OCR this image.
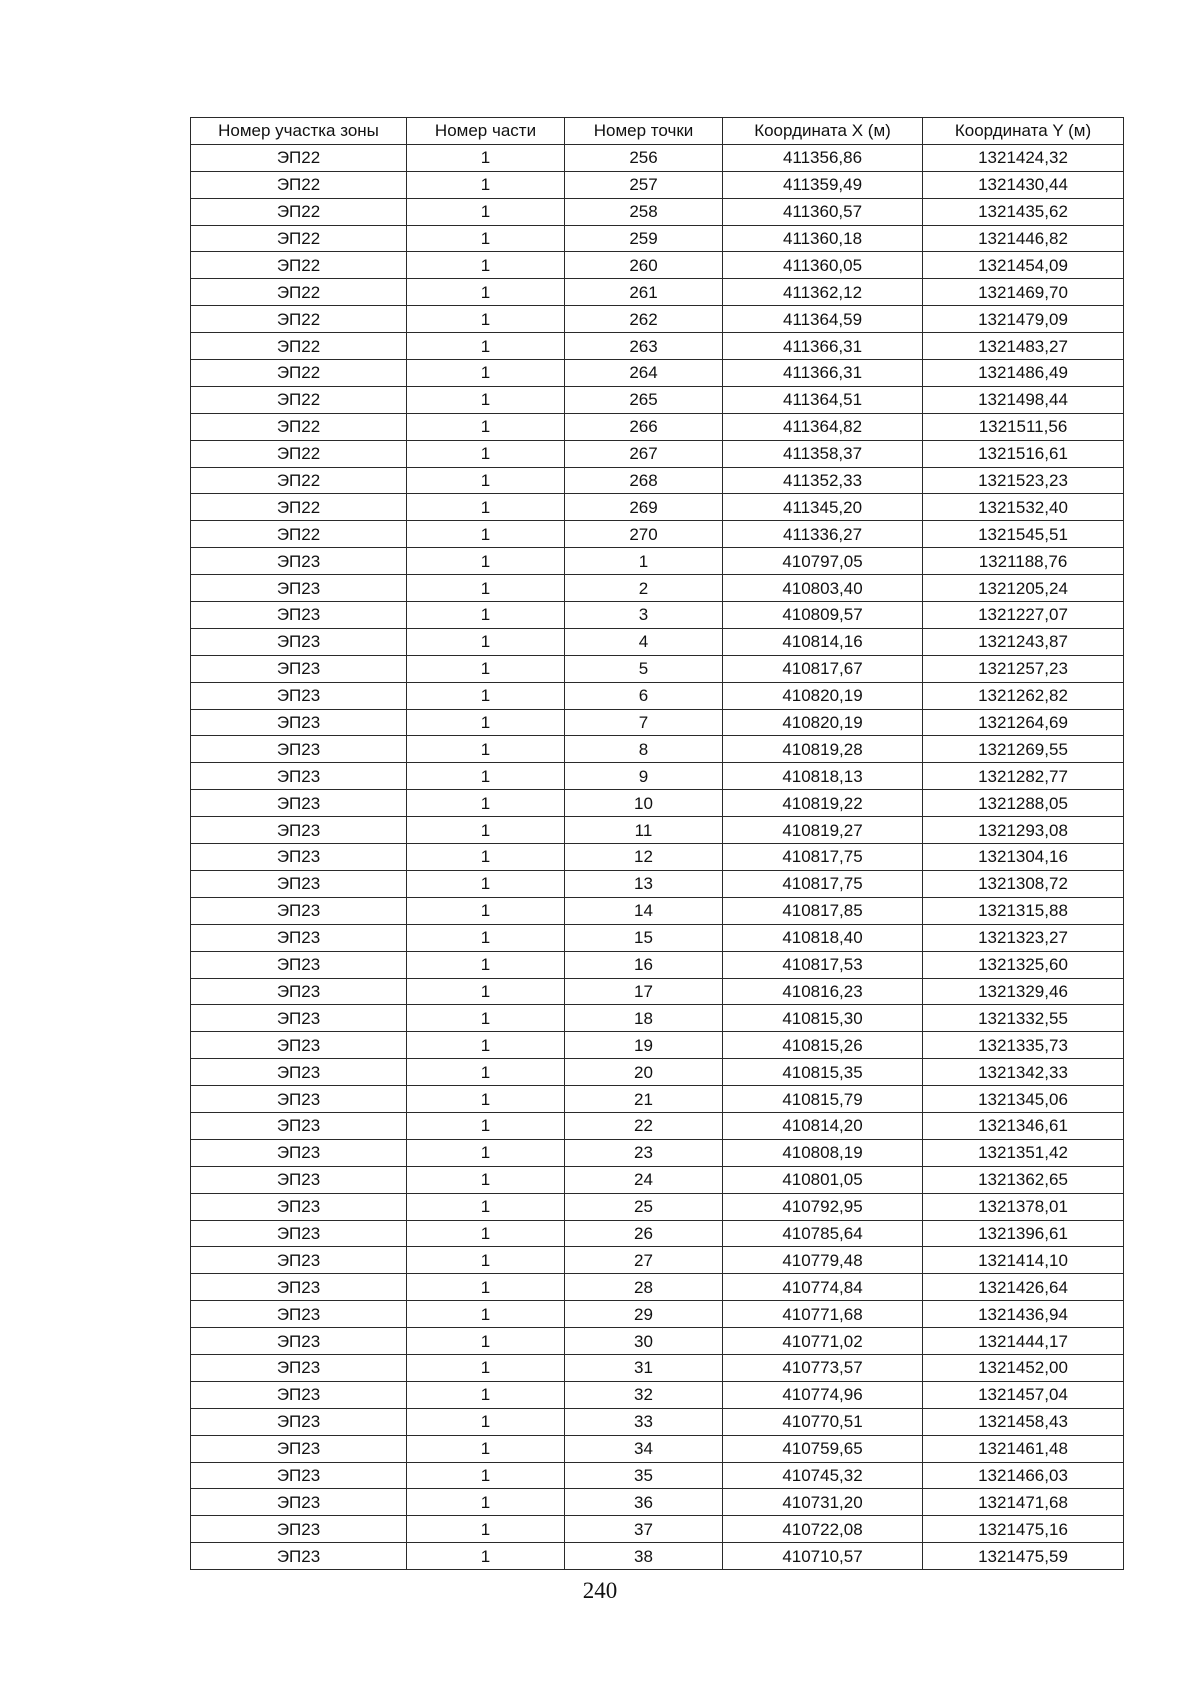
Номер участка зоны	Номер части	Номер точки	Координата X (м)	Координата Y (м)
ЭП22	1	256	411356,86	1321424,32
ЭП22	1	257	411359,49	1321430,44
ЭП22	1	258	411360,57	1321435,62
ЭП22	1	259	411360,18	1321446,82
ЭП22	1	260	411360,05	1321454,09
ЭП22	1	261	411362,12	1321469,70
ЭП22	1	262	411364,59	1321479,09
ЭП22	1	263	411366,31	1321483,27
ЭП22	1	264	411366,31	1321486,49
ЭП22	1	265	411364,51	1321498,44
ЭП22	1	266	411364,82	1321511,56
ЭП22	1	267	411358,37	1321516,61
ЭП22	1	268	411352,33	1321523,23
ЭП22	1	269	411345,20	1321532,40
ЭП22	1	270	411336,27	1321545,51
ЭП23	1	1	410797,05	1321188,76
ЭП23	1	2	410803,40	1321205,24
ЭП23	1	3	410809,57	1321227,07
ЭП23	1	4	410814,16	1321243,87
ЭП23	1	5	410817,67	1321257,23
ЭП23	1	6	410820,19	1321262,82
ЭП23	1	7	410820,19	1321264,69
ЭП23	1	8	410819,28	1321269,55
ЭП23	1	9	410818,13	1321282,77
ЭП23	1	10	410819,22	1321288,05
ЭП23	1	11	410819,27	1321293,08
ЭП23	1	12	410817,75	1321304,16
ЭП23	1	13	410817,75	1321308,72
ЭП23	1	14	410817,85	1321315,88
ЭП23	1	15	410818,40	1321323,27
ЭП23	1	16	410817,53	1321325,60
ЭП23	1	17	410816,23	1321329,46
ЭП23	1	18	410815,30	1321332,55
ЭП23	1	19	410815,26	1321335,73
ЭП23	1	20	410815,35	1321342,33
ЭП23	1	21	410815,79	1321345,06
ЭП23	1	22	410814,20	1321346,61
ЭП23	1	23	410808,19	1321351,42
ЭП23	1	24	410801,05	1321362,65
ЭП23	1	25	410792,95	1321378,01
ЭП23	1	26	410785,64	1321396,61
ЭП23	1	27	410779,48	1321414,10
ЭП23	1	28	410774,84	1321426,64
ЭП23	1	29	410771,68	1321436,94
ЭП23	1	30	410771,02	1321444,17
ЭП23	1	31	410773,57	1321452,00
ЭП23	1	32	410774,96	1321457,04
ЭП23	1	33	410770,51	1321458,43
ЭП23	1	34	410759,65	1321461,48
ЭП23	1	35	410745,32	1321466,03
ЭП23	1	36	410731,20	1321471,68
ЭП23	1	37	410722,08	1321475,16
ЭП23	1	38	410710,57	1321475,59
240
